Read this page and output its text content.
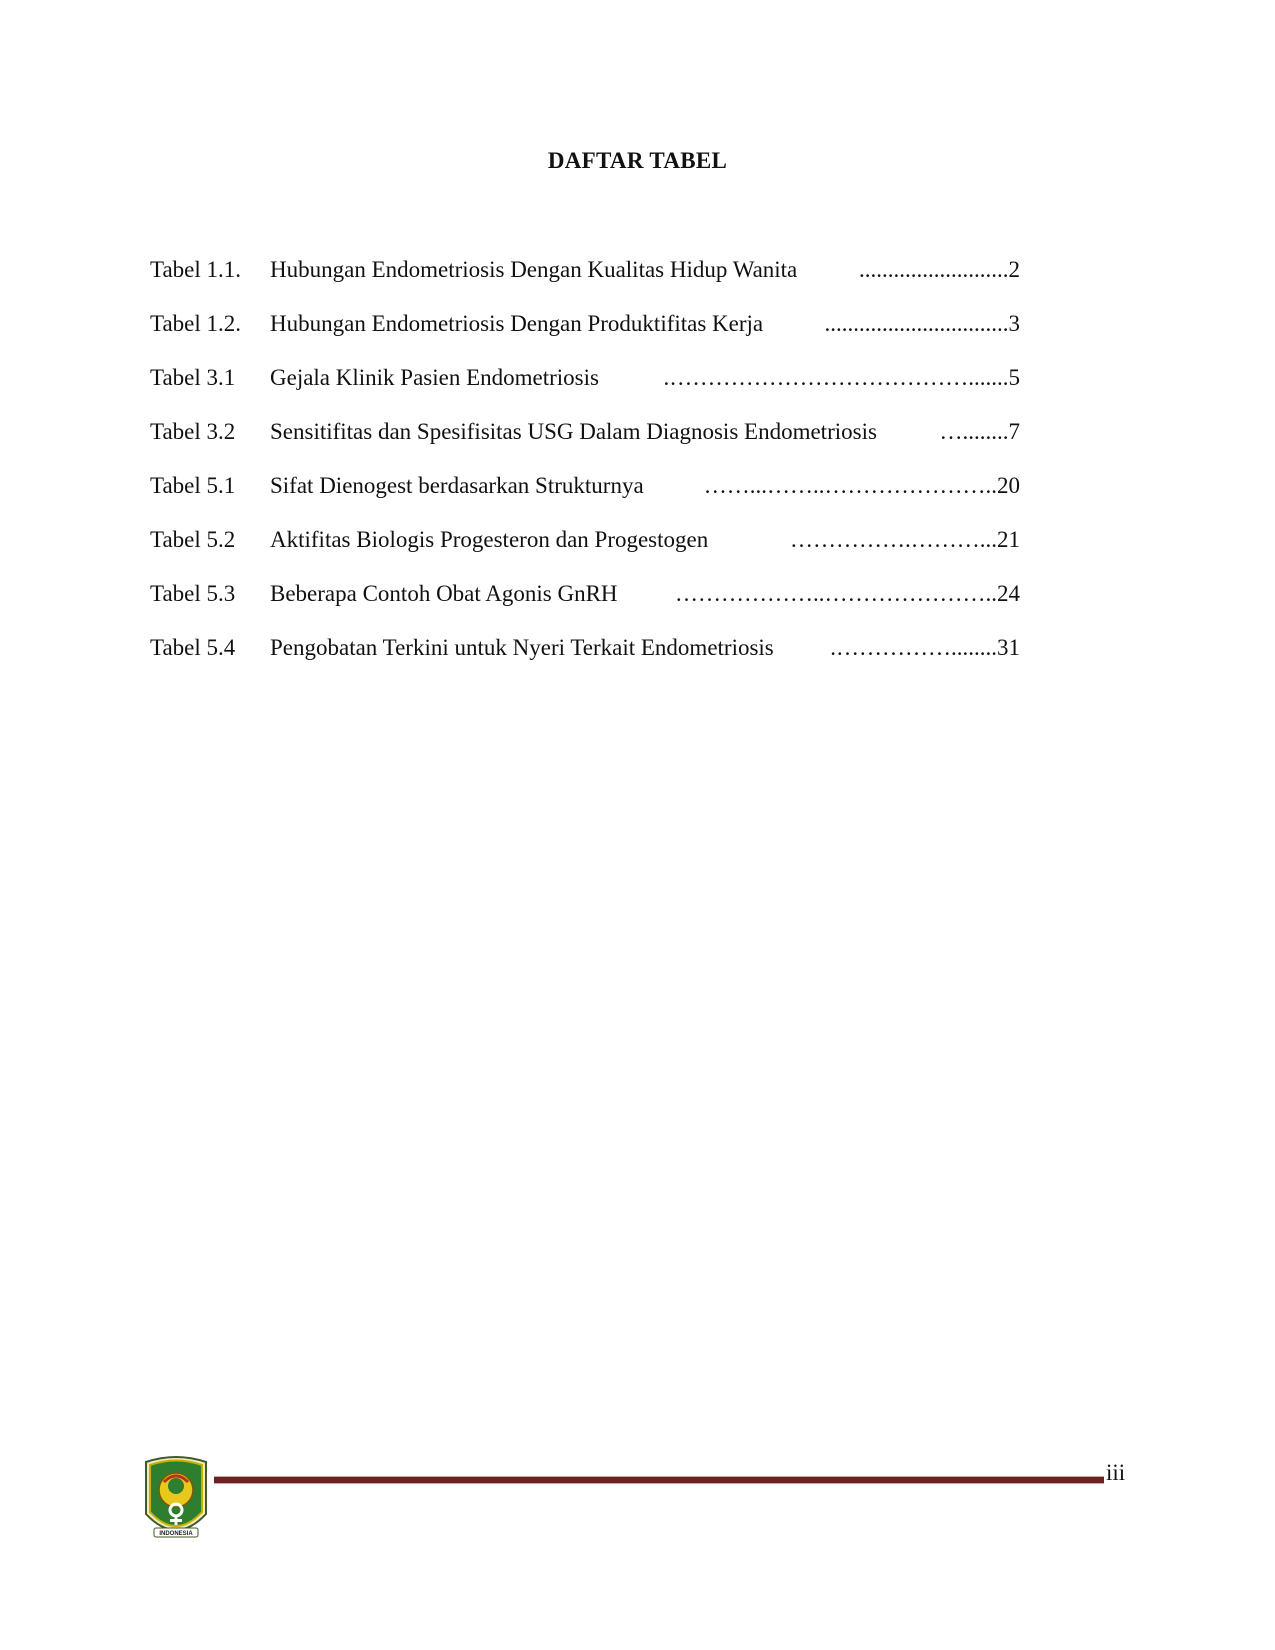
DAFTAR TABEL
Tabel 1.1.	Hubungan Endometriosis Dengan Kualitas Hidup Wanita	.......................... 2
Tabel 1.2.	Hubungan Endometriosis Dengan Produktifitas Kerja	................................ 3
Tabel 3.1	Gejala Klinik Pasien Endometriosis	.…………………………………....... 5
Tabel 3.2	Sensitifitas dan Spesifisitas USG Dalam Diagnosis Endometriosis	…........ 7
Tabel 5.1	Sifat Dienogest berdasarkan Strukturnya	……...……..………………….. 20
Tabel 5.2	Aktifitas Biologis Progesteron dan Progestogen	…………….………... 21
Tabel 5.3	Beberapa Contoh Obat Agonis GnRH	………………..………………….. 24
Tabel 5.4	Pengobatan Terkini untuk Nyeri Terkait Endometriosis	.……………........ 31
INDONESIA
iii
